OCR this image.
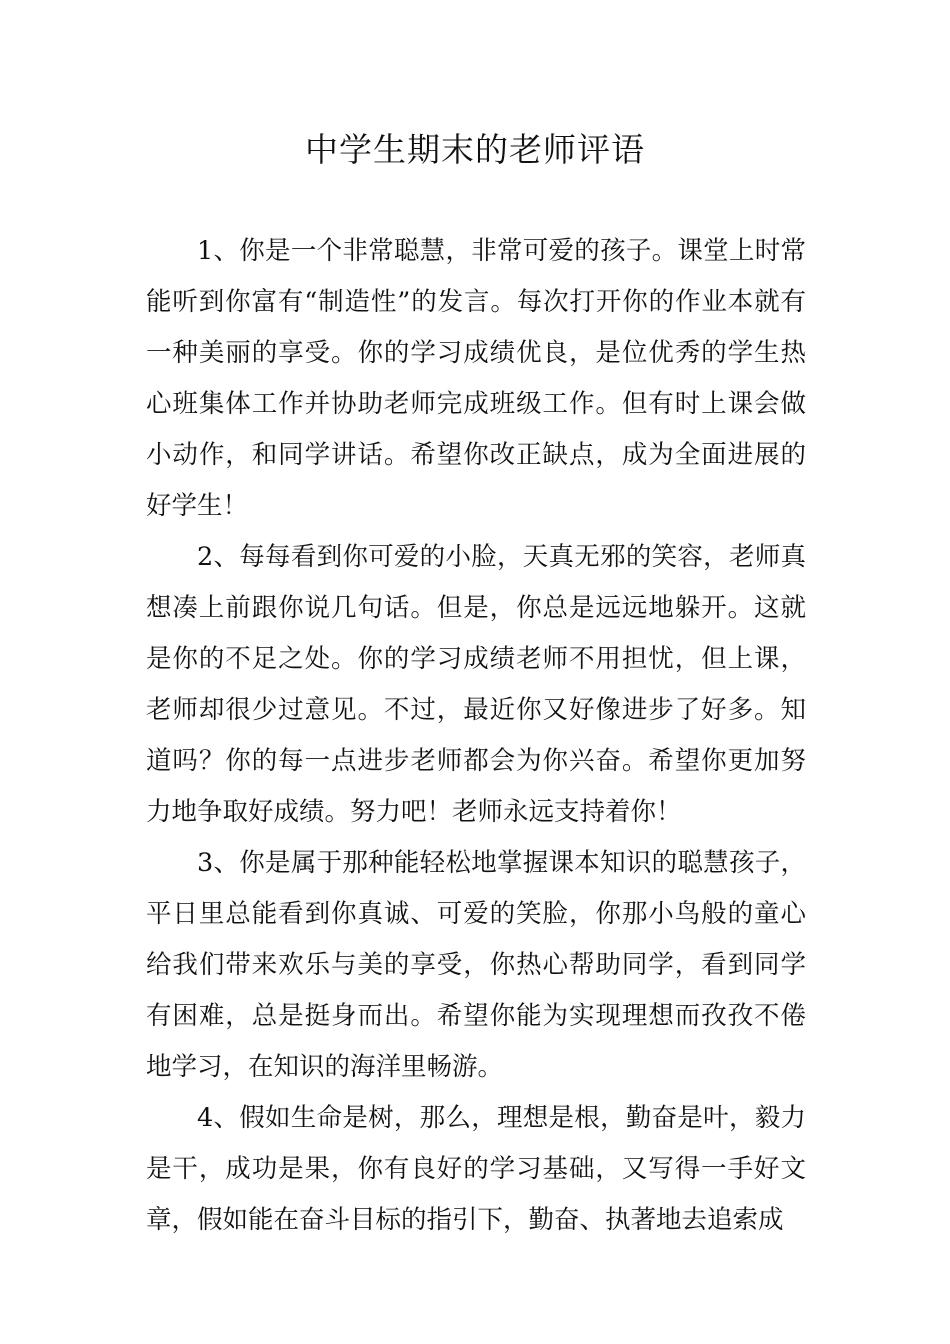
中学生期末的老师评语

1、你是一个非常聪慧，非常可爱的孩子。课堂上时常能听到你富有“制造性”的发言。每次打开你的作业本就有一种美丽的享受。你的学习成绩优良，是位优秀的学生热心班集体工作并协助老师完成班级工作。但有时上课会做小动作，和同学讲话。希望你改正缺点，成为全面进展的好学生！

2、每每看到你可爱的小脸，天真无邪的笑容，老师真想凑上前跟你说几句话。但是，你总是远远地躲开。这就是你的不足之处。你的学习成绩老师不用担忧，但上课，老师却很少过意见。不过，最近你又好像进步了好多。知道吗？你的每一点进步老师都会为你兴奋。希望你更加努力地争取好成绩。努力吧！老师永远支持着你！

3、你是属于那种能轻松地掌握课本知识的聪慧孩子，平日里总能看到你真诚、可爱的笑脸，你那小鸟般的童心给我们带来欢乐与美的享受，你热心帮助同学，看到同学有困难，总是挺身而出。希望你能为实现理想而孜孜不倦地学习，在知识的海洋里畅游。

4、假如生命是树，那么，理想是根，勤奋是叶，毅力是干，成功是果，你有良好的学习基础，又写得一手好文章，假如能在奋斗目标的指引下，勤奋、执著地去追索成
